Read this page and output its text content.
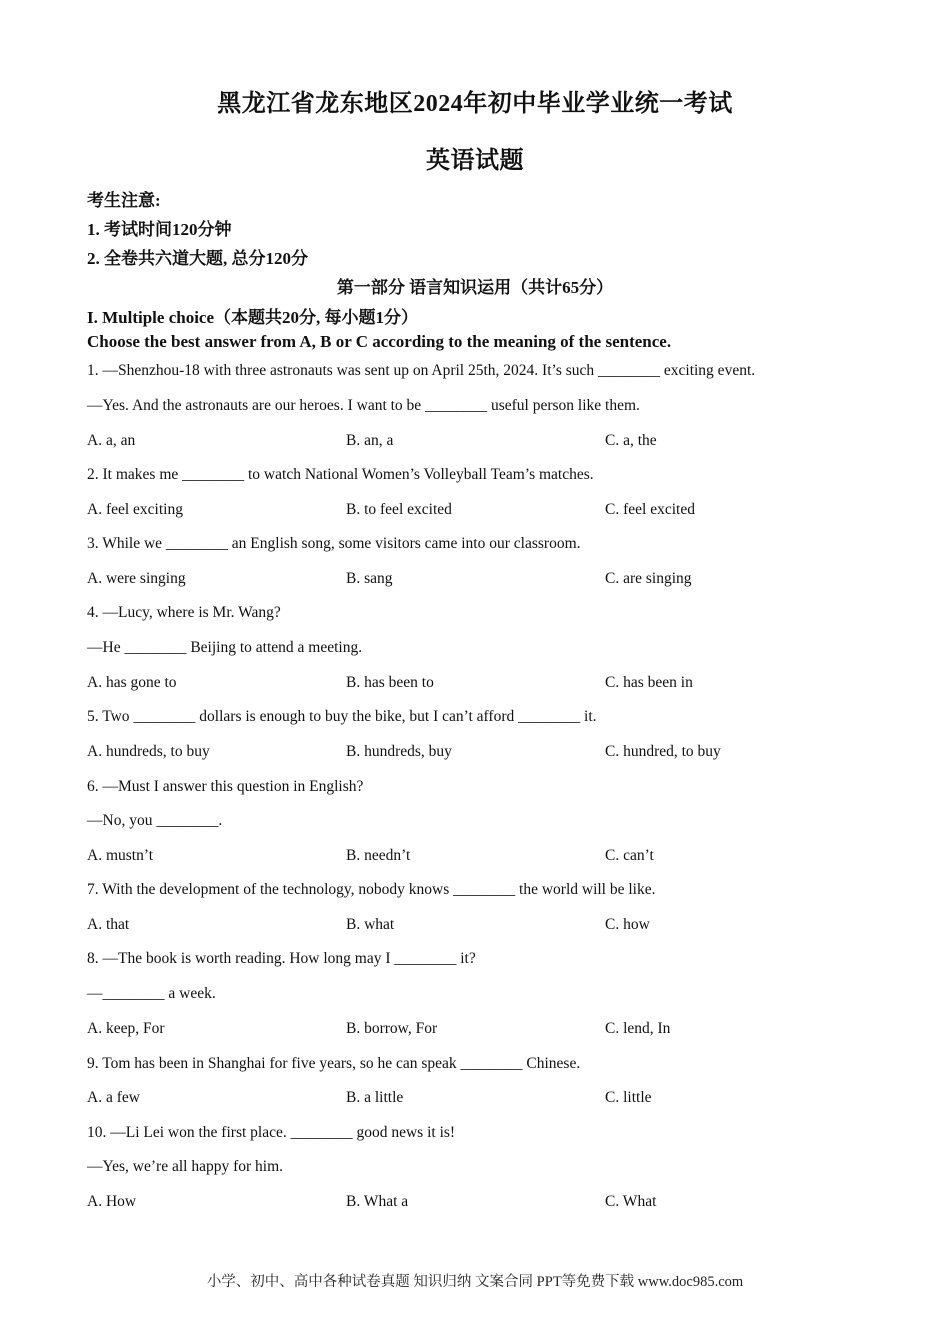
黑龙江省龙东地区2024年初中毕业学业统一考试
英语试题
考生注意:
1. 考试时间120分钟
2. 全卷共六道大题, 总分120分
第一部分 语言知识运用（共计65分）
I. Multiple choice（本题共20分, 每小题1分）
Choose the best answer from A, B or C according to the meaning of the sentence.
1. —Shenzhou-18 with three astronauts was sent up on April 25th, 2024. It’s such ________ exciting event.
—Yes. And the astronauts are our heroes. I want to be ________ useful person like them.
A. a, an	B. an, a	C. a, the
2. It makes me ________ to watch National Women’s Volleyball Team’s matches.
A. feel exciting	B. to feel excited	C. feel excited
3. While we ________ an English song, some visitors came into our classroom.
A. were singing	B. sang	C. are singing
4. —Lucy, where is Mr. Wang?
—He ________ Beijing to attend a meeting.
A. has gone to	B. has been to	C. has been in
5. Two ________ dollars is enough to buy the bike, but I can’t afford ________ it.
A. hundreds, to buy	B. hundreds, buy	C. hundred, to buy
6. —Must I answer this question in English?
—No, you ________.
A. mustn’t	B. needn’t	C. can’t
7. With the development of the technology, nobody knows ________ the world will be like.
A. that	B. what	C. how
8. —The book is worth reading. How long may I ________ it?
—________ a week.
A. keep, For	B. borrow, For	C. lend, In
9. Tom has been in Shanghai for five years, so he can speak ________ Chinese.
A. a few	B. a little	C. little
10. —Li Lei won the first place. ________ good news it is!
—Yes, we’re all happy for him.
A. How	B. What a	C. What
小学、初中、高中各种试卷真题 知识归纳 文案合同 PPT等免费下载 www.doc985.com
